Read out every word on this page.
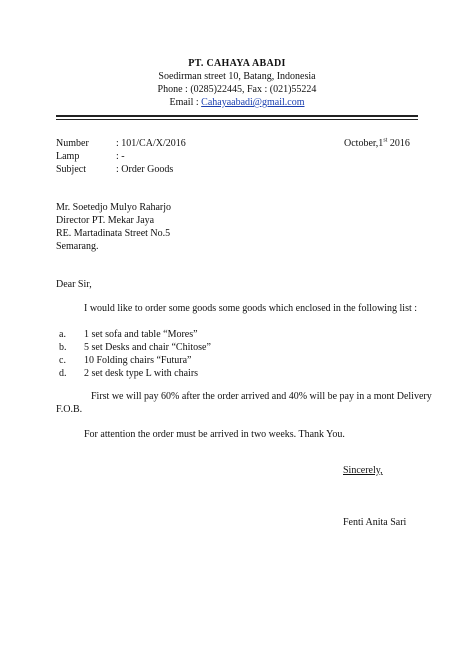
PT. CAHAYA ABADI
Soedirman street 10, Batang, Indonesia
Phone : (0285)22445, Fax : (021)55224
Email : Cahayaabadi@gmail.com
Number	: 101/CA/X/2016	October,1st 2016
Lamp	: -
Subject	: Order Goods
Mr. Soetedjo Mulyo Raharjo
Director PT. Mekar Jaya
RE. Martadinata Street No.5
Semarang.
Dear Sir,
I would like to order some goods some goods which enclosed in the following list :
a. 1 set sofa and table “Mores”
b. 5 set Desks and chair “Chitose”
c. 10 Folding chairs “Futura”
d. 2 set desk type L with chairs
First we will pay 60% after the order arrived and 40% will be pay in a mont Delivery
F.O.B.
For attention the order must be arrived in two weeks. Thank You.
Sincerely,
Fenti Anita Sari
